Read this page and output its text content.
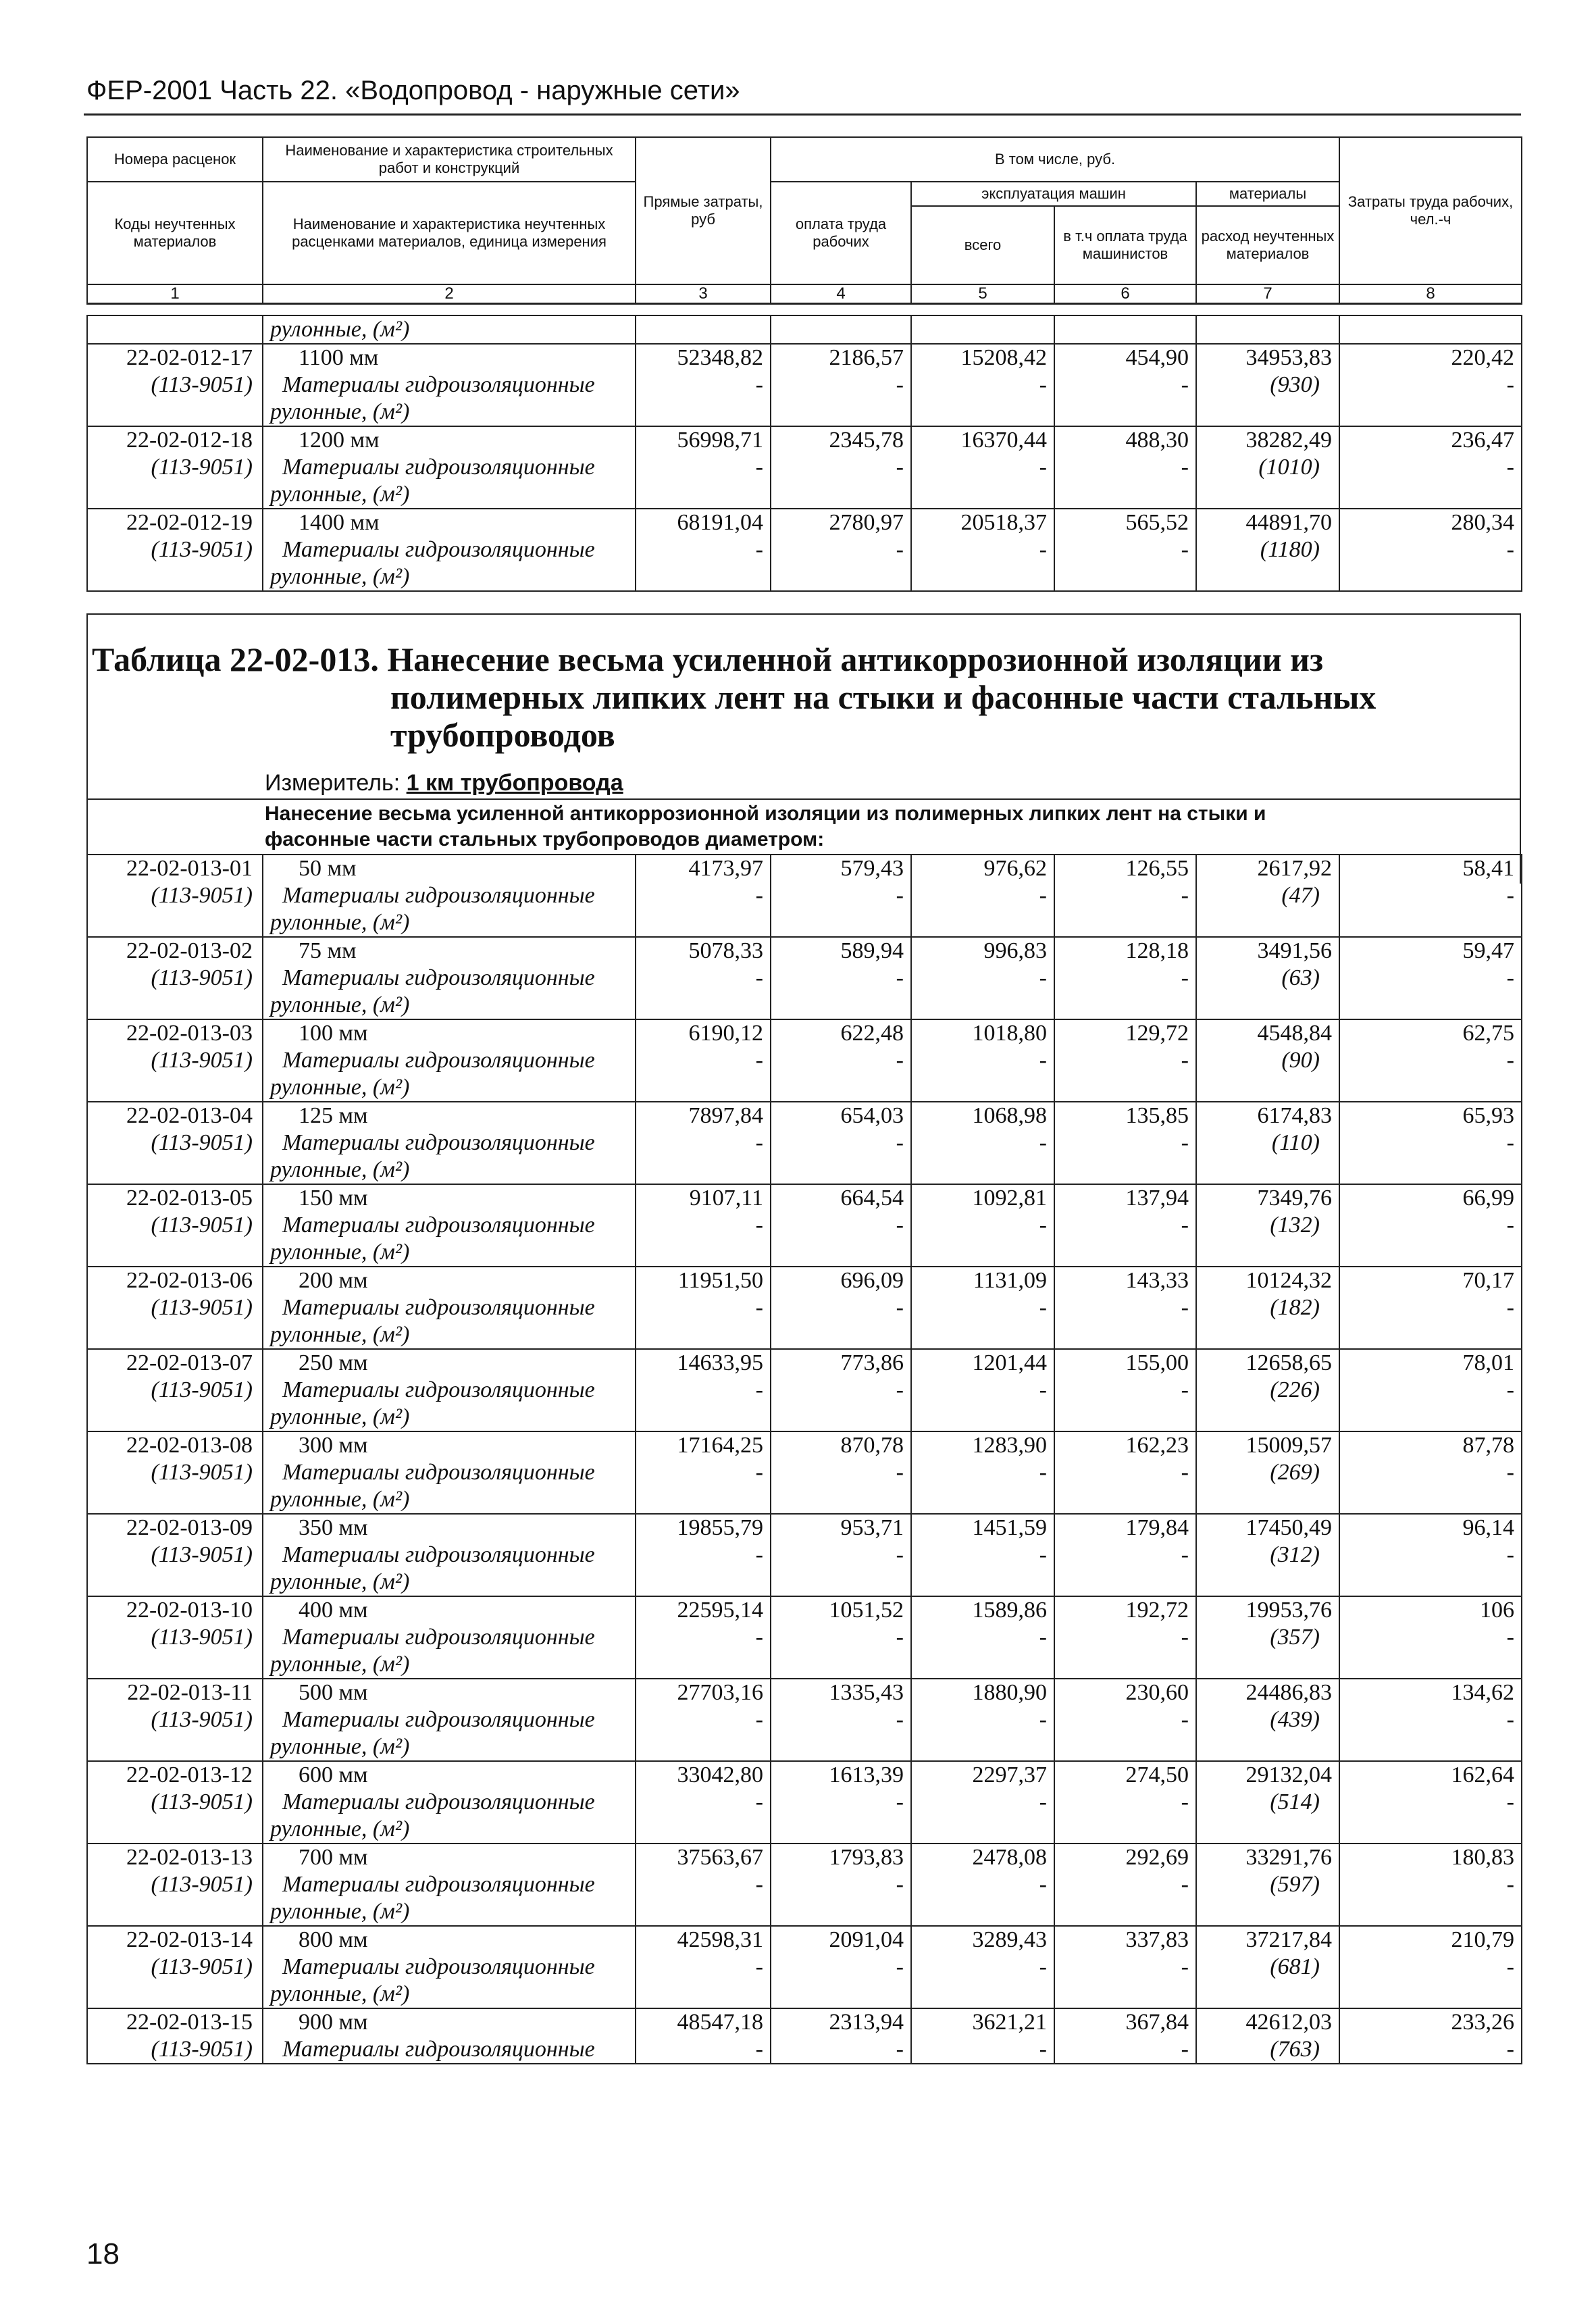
ФЕР-2001 Часть 22. «Водопровод - наружные сети»
Номера расценок	Наименование и характеристика строительных работ и конструкций	Прямые затраты, руб	В том числе, руб.				Затраты труда рабочих, чел.-ч
Коды неучтенных материалов	Наименование и характеристика неучтенных расценками материалов, единица измерения		оплата труда рабочих	эксплуатация машин		материалы	
				всего	в т.ч оплата труда машинистов	расход неучтенных материалов	
1	2	3	4	5	6	7	8
	рулонные, (м²)						
22-02-012-17	1100 мм	52348,82	2186,57	15208,42	454,90	34953,83	220,42
(113-9051)	Материалы гидроизоляционные	-	-	-	-	(930)	-
	рулонные, (м²)						
22-02-012-18	1200 мм	56998,71	2345,78	16370,44	488,30	38282,49	236,47
(113-9051)	Материалы гидроизоляционные	-	-	-	-	(1010)	-
	рулонные, (м²)						
22-02-012-19	1400 мм	68191,04	2780,97	20518,37	565,52	44891,70	280,34
(113-9051)	Материалы гидроизоляционные	-	-	-	-	(1180)	-
	рулонные, (м²)						
Таблица 22-02-013. Нанесение весьма усиленной антикоррозионной изоляции из
полимерных липких лент на стыки и фасонные части стальных
трубопроводов
Измеритель: 1 км трубопровода
Нанесение весьма усиленной антикоррозионной изоляции из полимерных липких лент на стыки и
фасонные части стальных трубопроводов диаметром:
22-02-013-01	50 мм	4173,97	579,43	976,62	126,55	2617,92	58,41
(113-9051)	Материалы гидроизоляционные	-	-	-	-	(47)	-
	рулонные, (м²)						
22-02-013-02	75 мм	5078,33	589,94	996,83	128,18	3491,56	59,47
(113-9051)	Материалы гидроизоляционные	-	-	-	-	(63)	-
	рулонные, (м²)						
22-02-013-03	100 мм	6190,12	622,48	1018,80	129,72	4548,84	62,75
(113-9051)	Материалы гидроизоляционные	-	-	-	-	(90)	-
	рулонные, (м²)						
22-02-013-04	125 мм	7897,84	654,03	1068,98	135,85	6174,83	65,93
(113-9051)	Материалы гидроизоляционные	-	-	-	-	(110)	-
	рулонные, (м²)						
22-02-013-05	150 мм	9107,11	664,54	1092,81	137,94	7349,76	66,99
(113-9051)	Материалы гидроизоляционные	-	-	-	-	(132)	-
	рулонные, (м²)						
22-02-013-06	200 мм	11951,50	696,09	1131,09	143,33	10124,32	70,17
(113-9051)	Материалы гидроизоляционные	-	-	-	-	(182)	-
	рулонные, (м²)						
22-02-013-07	250 мм	14633,95	773,86	1201,44	155,00	12658,65	78,01
(113-9051)	Материалы гидроизоляционные	-	-	-	-	(226)	-
	рулонные, (м²)						
22-02-013-08	300 мм	17164,25	870,78	1283,90	162,23	15009,57	87,78
(113-9051)	Материалы гидроизоляционные	-	-	-	-	(269)	-
	рулонные, (м²)						
22-02-013-09	350 мм	19855,79	953,71	1451,59	179,84	17450,49	96,14
(113-9051)	Материалы гидроизоляционные	-	-	-	-	(312)	-
	рулонные, (м²)						
22-02-013-10	400 мм	22595,14	1051,52	1589,86	192,72	19953,76	106
(113-9051)	Материалы гидроизоляционные	-	-	-	-	(357)	-
	рулонные, (м²)						
22-02-013-11	500 мм	27703,16	1335,43	1880,90	230,60	24486,83	134,62
(113-9051)	Материалы гидроизоляционные	-	-	-	-	(439)	-
	рулонные, (м²)						
22-02-013-12	600 мм	33042,80	1613,39	2297,37	274,50	29132,04	162,64
(113-9051)	Материалы гидроизоляционные	-	-	-	-	(514)	-
	рулонные, (м²)						
22-02-013-13	700 мм	37563,67	1793,83	2478,08	292,69	33291,76	180,83
(113-9051)	Материалы гидроизоляционные	-	-	-	-	(597)	-
	рулонные, (м²)						
22-02-013-14	800 мм	42598,31	2091,04	3289,43	337,83	37217,84	210,79
(113-9051)	Материалы гидроизоляционные	-	-	-	-	(681)	-
	рулонные, (м²)						
22-02-013-15	900 мм	48547,18	2313,94	3621,21	367,84	42612,03	233,26
(113-9051)	Материалы гидроизоляционные	-	-	-	-	(763)	-
18
